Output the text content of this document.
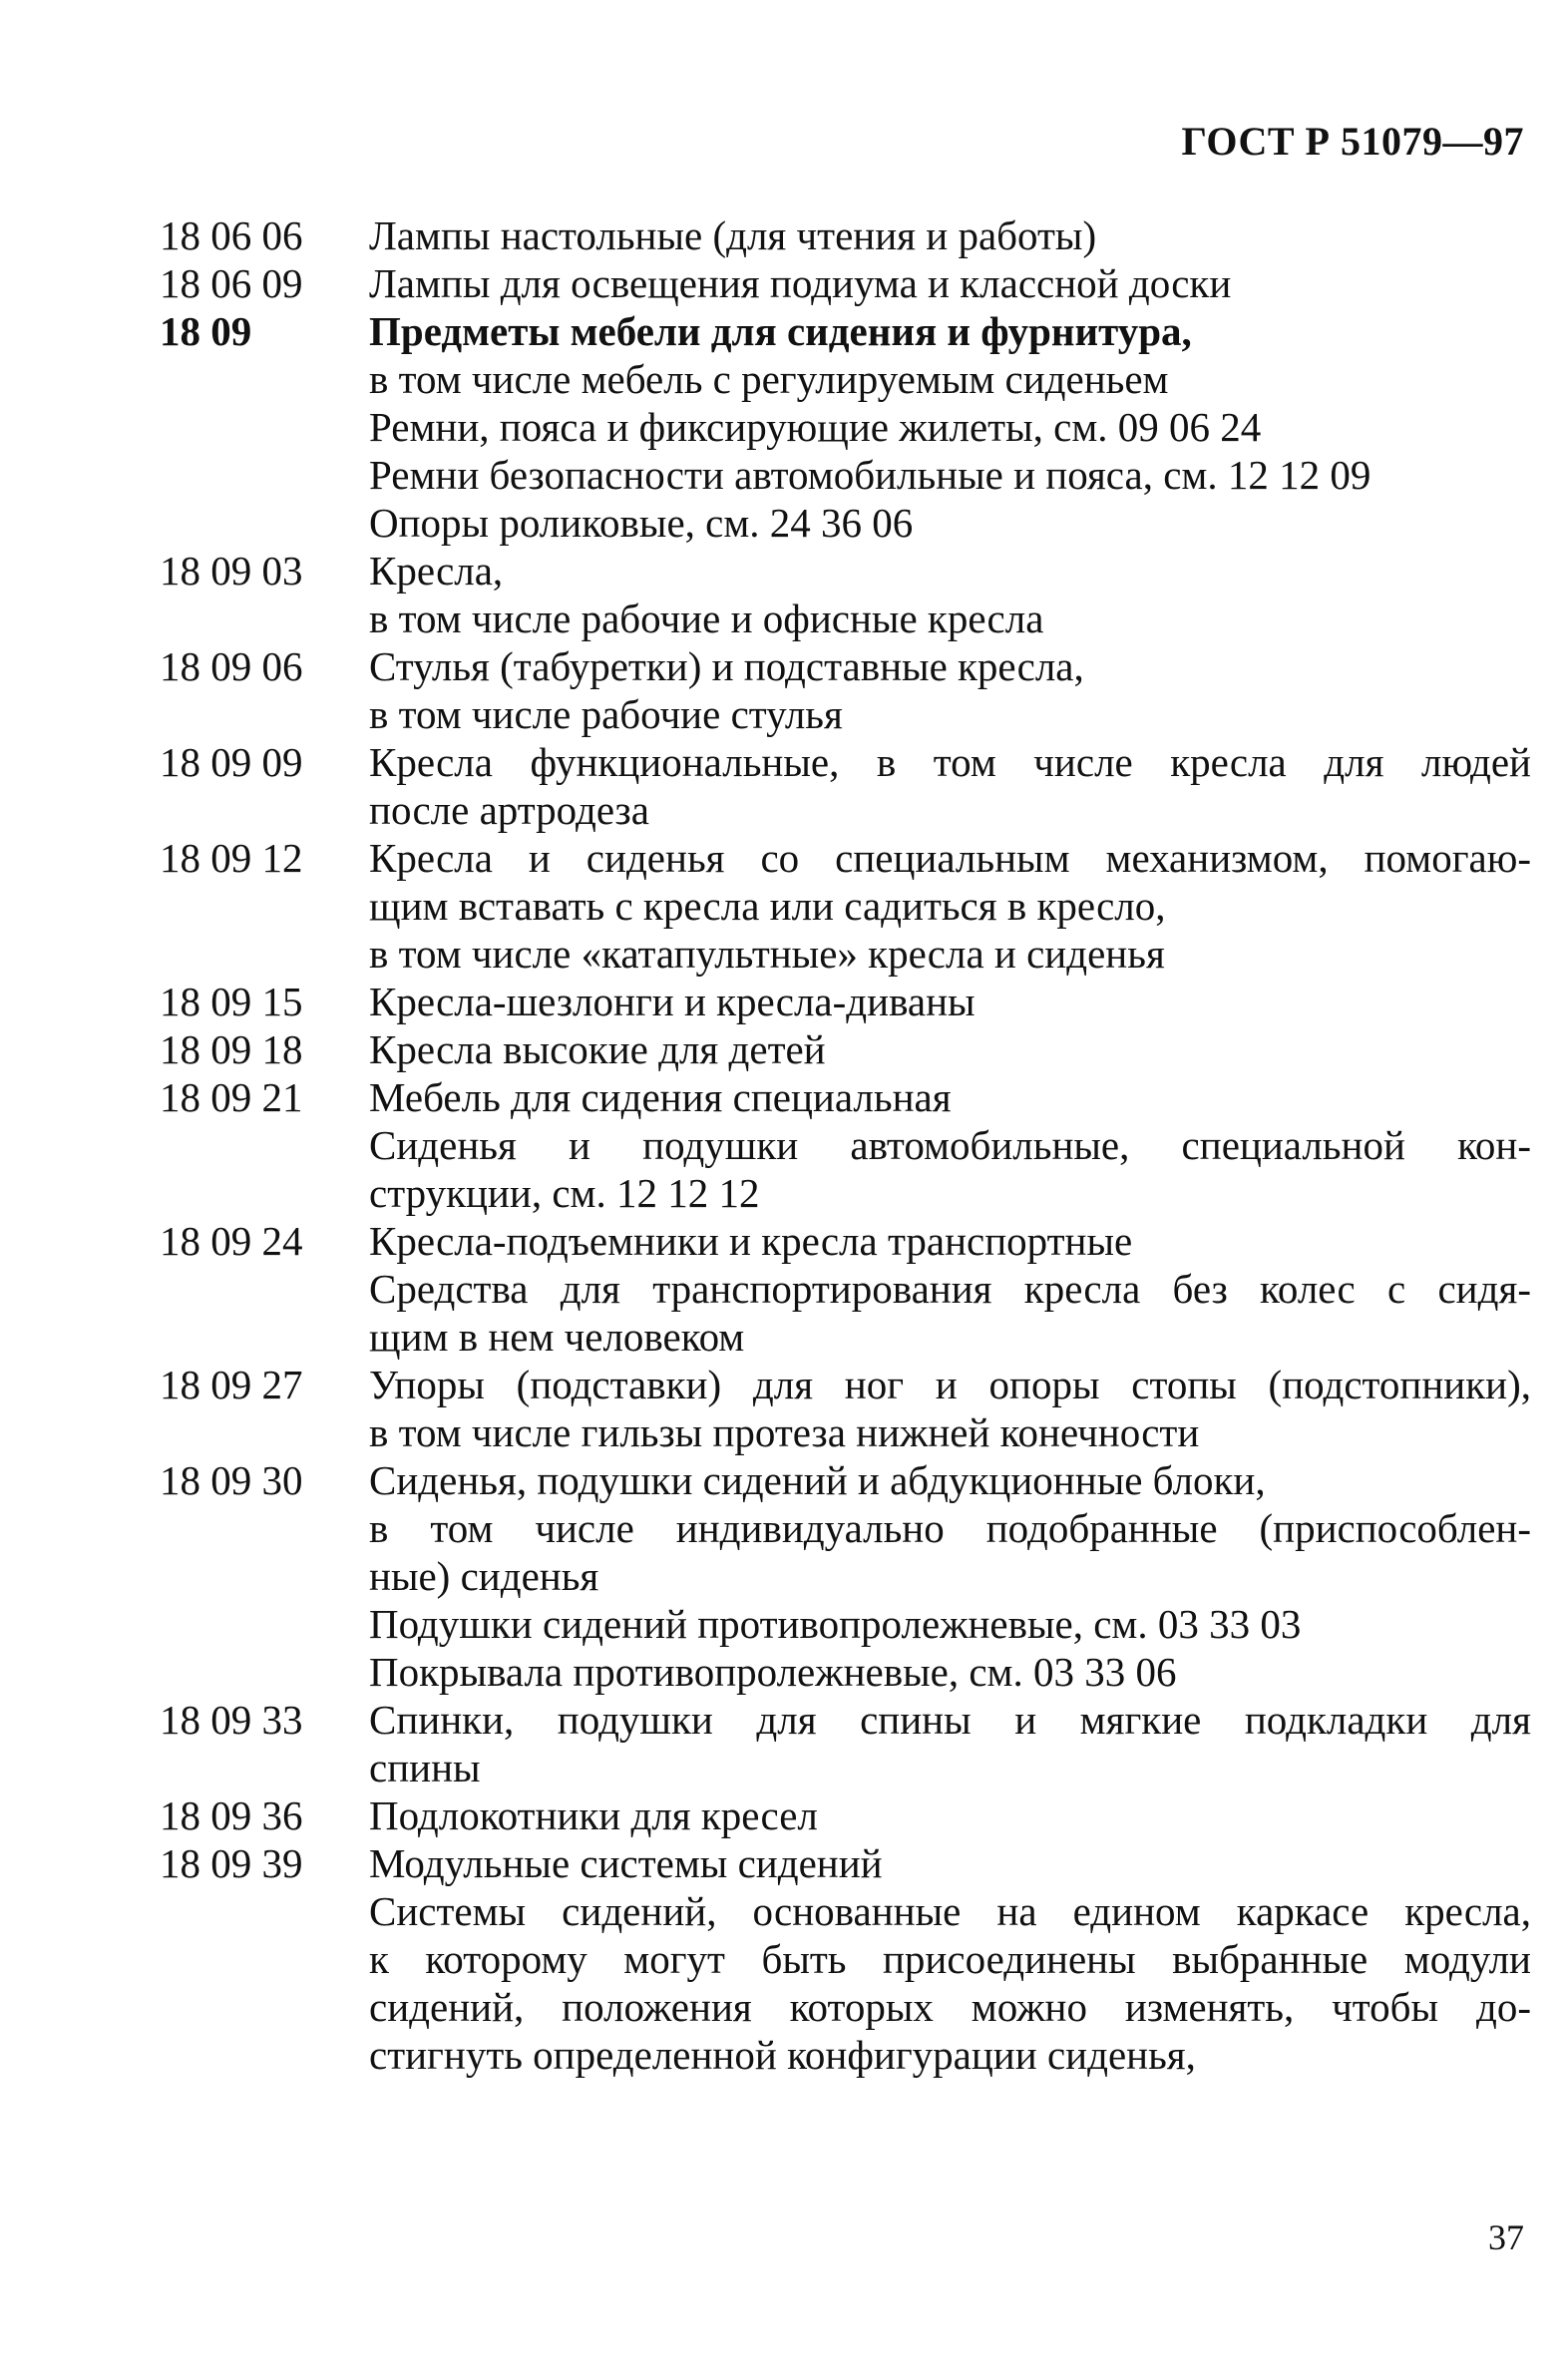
ГОСТ Р 51079—97
18 06 06	Лампы настольные (для чтения и работы)
18 06 09	Лампы для освещения подиума и классной доски
18 09	Предметы мебели для сидения и фурнитура,
в том числе мебель с регулируемым сиденьем
Ремни, пояса и фиксирующие жилеты, см. 09 06 24
Ремни безопасности автомобильные и пояса, см. 12 12 09
Опоры роликовые, см. 24 36 06
18 09 03	Кресла,
в том числе рабочие и офисные кресла
18 09 06	Стулья (табуретки) и подставные кресла,
в том числе рабочие стулья
18 09 09	Кресла функциональные, в том числе кресла для людей
после артродеза
18 09 12	Кресла и сиденья со специальным механизмом, помогаю-
щим вставать с кресла или садиться в кресло,
в том числе «катапультные» кресла и сиденья
18 09 15	Кресла-шезлонги и кресла-диваны
18 09 18	Кресла высокие для детей
18 09 21	Мебель для сидения специальная
Сиденья и подушки автомобильные, специальной кон-
струкции, см. 12 12 12
18 09 24	Кресла-подъемники и кресла транспортные
Средства для транспортирования кресла без колес с сидя-
щим в нем человеком
18 09 27	Упоры (подставки) для ног и опоры стопы (подстопники),
в том числе гильзы протеза нижней конечности
18 09 30	Сиденья, подушки сидений и абдукционные блоки,
в том числе индивидуально подобранные (приспособлен-
ные) сиденья
Подушки сидений противопролежневые, см. 03 33 03
Покрывала противопролежневые, см. 03 33 06
18 09 33	Спинки, подушки для спины и мягкие подкладки для
спины
18 09 36	Подлокотники для кресел
18 09 39	Модульные системы сидений
Системы сидений, основанные на едином каркасе кресла,
к которому могут быть присоединены выбранные модули
сидений, положения которых можно изменять, чтобы до-
стигнуть определенной конфигурации сиденья,
37
